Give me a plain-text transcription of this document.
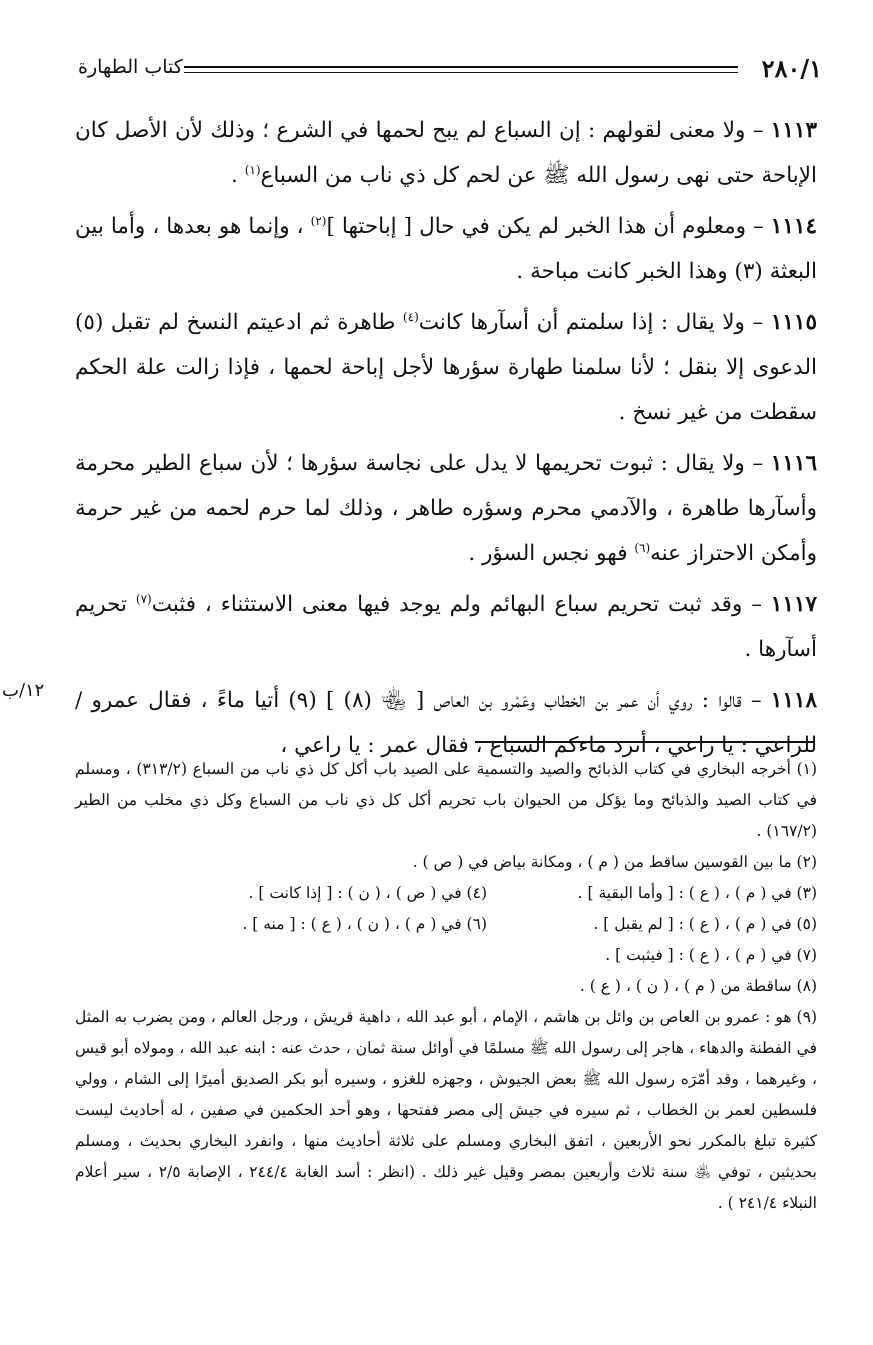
٢٨٠/١
كتاب الطهارة

١١١٣ – ولا معنى لقولهم : إن السباع لم يبح لحمها في الشرع ؛ وذلك لأن الأصل كان الإباحة حتى نهى رسول الله ﷺ عن لحم كل ذي ناب من السباع$^{(١)}$ .

١١١٤ – ومعلوم أن هذا الخبر لم يكن في حال [ إباحتها ]$^{(٢)}$ ، وإنما هو بعدها ، وأما بين البعثة (٣) وهذا الخبر كانت مباحة .

١١١٥ – ولا يقال : إذا سلمتم أن أسآرها كانت$^{(٤)}$ طاهرة ثم ادعيتم النسخ لم تقبل (٥) الدعوى إلا بنقل ؛ لأنا سلمنا طهارة سؤرها لأجل إباحة لحمها ، فإذا زالت علة الحكم سقطت من غير نسخ .

١١١٦ – ولا يقال : ثبوت تحريمها لا يدل على نجاسة سؤرها ؛ لأن سباع الطير محرمة وأسآرها طاهرة ، والآدمي محرم وسؤره طاهر ، وذلك لما حرم لحمه من غير حرمة وأمكن الاحتراز عنه$^{(٦)}$ فهو نجس السؤر .

١١١٧ – وقد ثبت تحريم سباع البهائم ولم يوجد فيها معنى الاستثناء ، فثبت$^{(٧)}$ تحريم أسآرها .

١١١٨ – قالوا : روي أن عمر بن الخطاب وعَمْرو بن العاص [ ﵄ (٨) ] (٩) أتيا ماءً ، فقال عمرو / للراعي : يا راعي ، أترد ماءكم السباع ، فقال عمر : يا راعي ،

١٢/ب

(١) أخرجه البخاري في كتاب الذبائح والصيد والتسمية على الصيد باب أكل كل ذي ناب من السباع (٣١٣/٢) ، ومسلم في كتاب الصيد والذبائح وما يؤكل من الحيوان باب تحريم أكل كل ذي ناب من السباع وكل ذي مخلب من الطير (١٦٧/٢) .

(٢) ما بين القوسين ساقط من ( م ) ، ومكانة بياض في ( ص ) .

(٣) في ( م ) ، ( ع ) : [ وأما البقية ] .

(٤) في ( ص ) ، ( ن ) : [ إذا كانت ] .

(٥) في ( م ) ، ( ع ) : [ لم يقبل ] .

(٦) في ( م ) ، ( ن ) ، ( ع ) : [ منه ] .

(٧) في ( م ) ، ( ع ) : [ فيثبت ] .

(٨) ساقطة من ( م ) ، ( ن ) ، ( ع ) .

(٩) هو : عمرو بن العاص بن وائل بن هاشم ، الإمام ، أبو عبد الله ، داهية قريش ، ورجل العالم ، ومن يضرب به المثل في الفطنة والدهاء ، هاجر إلى رسول الله ﷺ مسلمًا في أوائل سنة ثمان ، حدث عنه : ابنه عبد الله ، ومولاه أبو قيس ، وغيرهما ، وقد أمّرَه رسول الله ﷺ بعض الجيوش ، وجهزه للغزو ، وسيره أبو بكر الصديق أميرًا إلى الشام ، وولي فلسطين لعمر بن الخطاب ، ثم سيره في جيش إلى مصر ففتحها ، وهو أحد الحكمين في صفين ، له أحاديث ليست كثيرة تبلغ بالمكرر نحو الأربعين ، اتفق البخاري ومسلم على ثلاثة أحاديث منها ، وانفرد البخاري بحديث ، ومسلم بحديثين ، توفي ﵁ سنة ثلاث وأربعين بمصر وقيل غير ذلك . (انظر : أسد الغابة ٢٤٤/٤ ، الإصابة ٢/٥ ، سير أعلام النبلاء ٢٤١/٤ ) .
